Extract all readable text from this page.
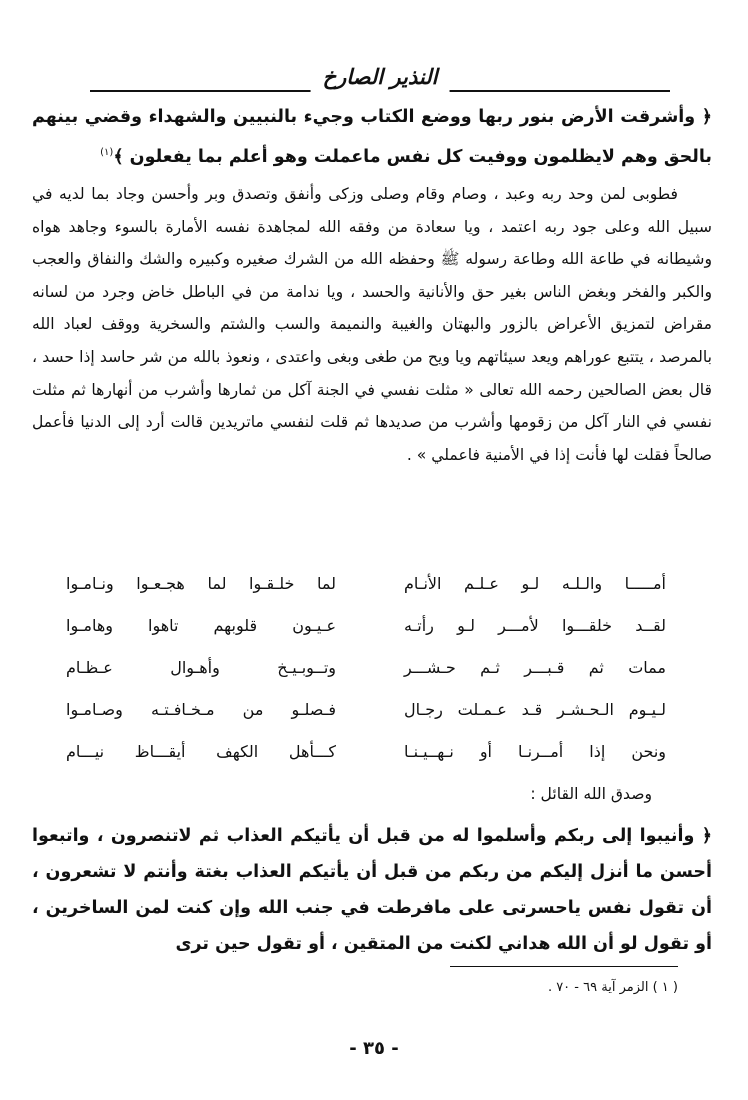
النذير الصارخ

﴿ وأشرقت الأرض بنور ربها ووضع الكتاب وجيء بالنبيين والشهداء وقضي بينهم بالحق وهم لايظلمون ووفيت كل نفس ماعملت وهو أعلم بما يفعلون ﴾$^{(١)}$

فطوبى لمن وحد ربه وعبد ، وصام وقام وصلى وزكى وأنفق وتصدق وبر وأحسن وجاد بما لديه في سبيل الله وعلى جود ربه اعتمد ، ويا سعادة من وفقه الله لمجاهدة نفسه الأمارة بالسوء وجاهد هواه وشيطانه في طاعة الله وطاعة رسوله ﷺ وحفظه الله من الشرك صغيره وكبيره والشك والنفاق والعجب والكبر والفخر وبغض الناس بغير حق والأنانية والحسد ، ويا ندامة من في الباطل خاض وجرد من لسانه مقراض لتمزيق الأعراض بالزور والبهتان والغيبة والنميمة والسب والشتم والسخرية ووقف لعباد الله بالمرصد ، يتتبع عوراهم ويعد سيئاتهم ويا ويح من طغى وبغى واعتدى ، ونعوذ بالله من شر حاسد إذا حسد ، قال بعض الصالحين رحمه الله تعالى « مثلت نفسي في الجنة آكل من ثمارها وأشرب من أنهارها ثم مثلت نفسي في النار آكل من زقومها وأشرب من صديدها ثم قلت لنفسي ماتريدين قالت أرد إلى الدنيا فأعمل صالحاً فقلت لها فأنت إذا في الأمنية فاعملي » .

أمـــــا والـلـه لـو عـلـم الأنـام
لما خلـقـوا لما هجـعـوا ونـامـوا
لقــد خلقـــوا لأمـــر لـو رأتـه
عـيـون قلوبهم تاهوا وهامـوا
ممات ثم قـبـــر ثـم حـشـــر
وتــوبـيـخ وأهـوال عـظـام
لـيـوم الـحـشـر قـد عـمـلت رجـال
فـصلـو من مـخـافـتـه وصـامـوا
ونحن إذا أمــرنـا أو نـهــيـنـا
كـــأهل الكهف أيقـــاظ نيـــام
وصدق الله القائل :

﴿ وأنيبوا إلى ربكم وأسلموا له من قبل أن يأتيكم العذاب ثم لاتنصرون ، واتبعوا أحسن ما أنزل إليكم من ربكم من قبل أن يأتيكم العذاب بغتة وأنتم لا تشعرون ، أن تقول نفس ياحسرتى على مافرطت في جنب الله وإن كنت لمن الساخرين ، أو تقول لو أن الله هداني لكنت من المتقين ، أو تقول حين ترى

( ١ ) الزمر آية ٦٩ - ٧٠ .
- ٣٥ -
